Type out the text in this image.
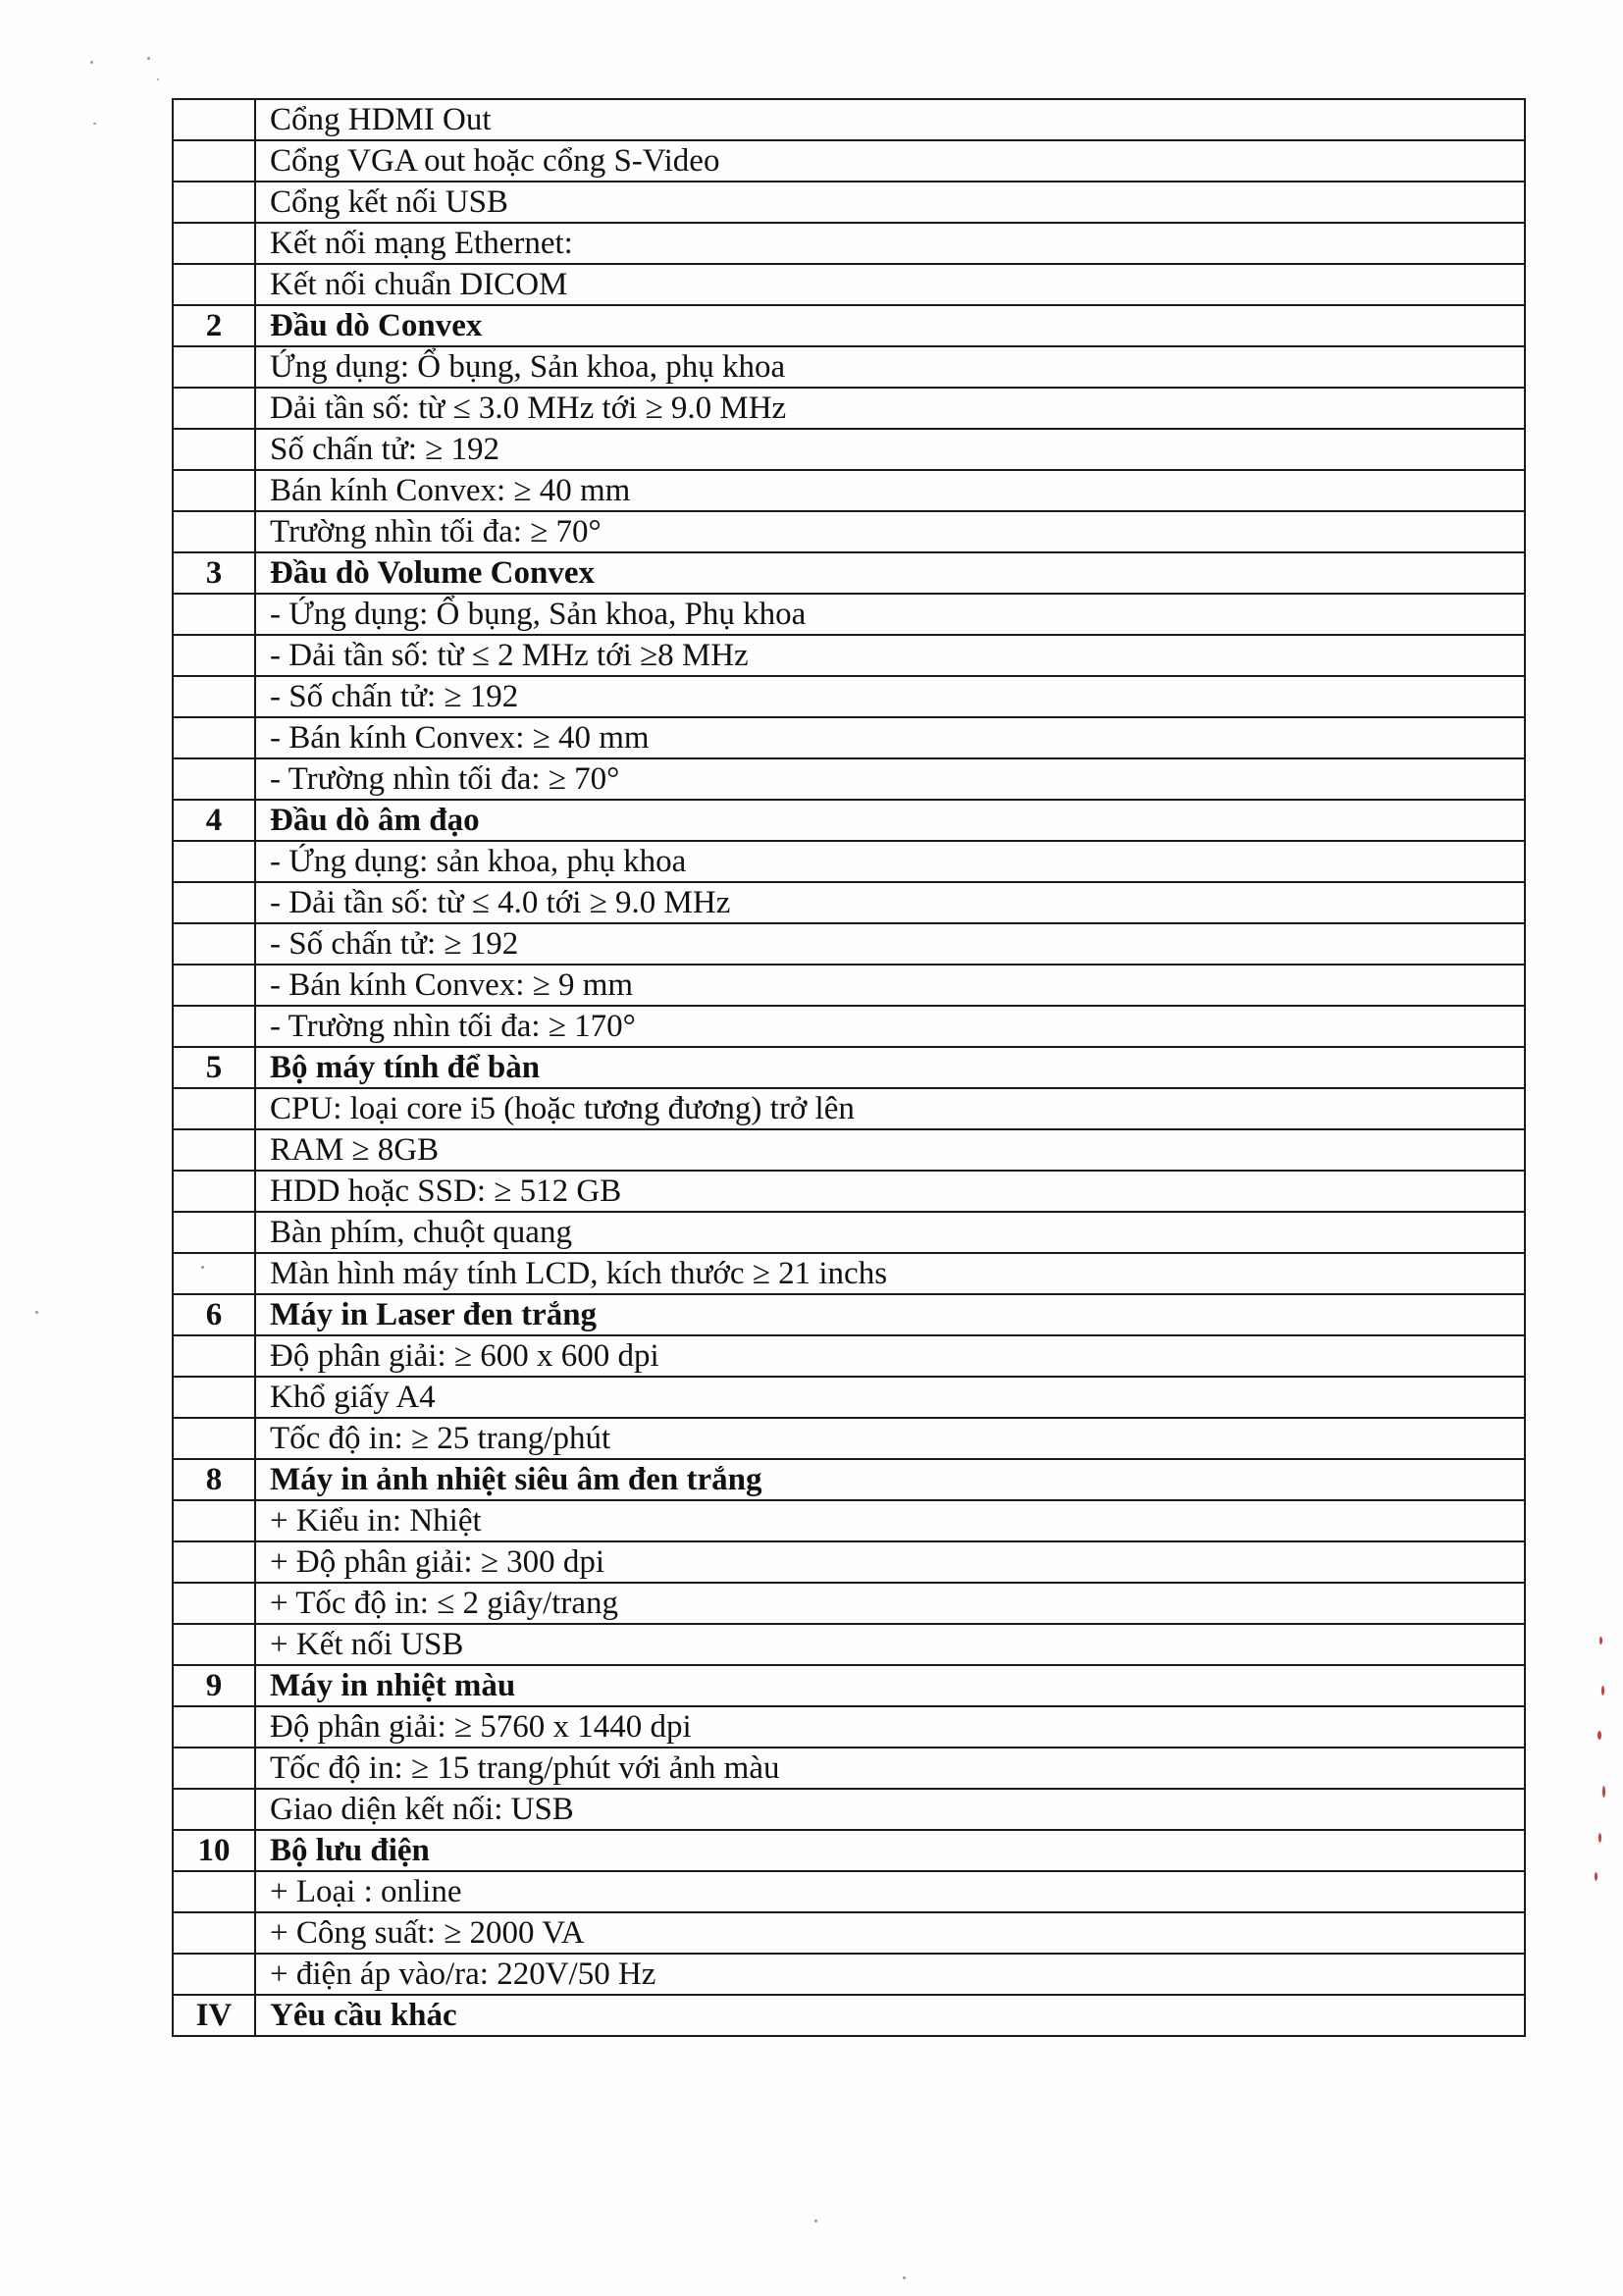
	Cổng HDMI Out
	Cổng VGA out hoặc cổng S-Video
	Cổng kết nối USB
	Kết nối mạng Ethernet:
	Kết nối chuẩn DICOM
2	Đầu dò Convex
	Ứng dụng: Ổ bụng, Sản khoa, phụ khoa
	Dải tần số: từ ≤ 3.0 MHz tới ≥ 9.0 MHz
	Số chấn tử: ≥ 192
	Bán kính Convex: ≥ 40 mm
	Trường nhìn tối đa: ≥ 70°
3	Đầu dò Volume Convex
	- Ứng dụng: Ổ bụng, Sản khoa, Phụ khoa
	- Dải tần số: từ ≤ 2 MHz tới ≥8 MHz
	- Số chấn tử: ≥ 192
	- Bán kính Convex: ≥ 40 mm
	- Trường nhìn tối đa: ≥ 70°
4	Đầu dò âm đạo
	- Ứng dụng: sản khoa, phụ khoa
	- Dải tần số: từ ≤ 4.0 tới ≥ 9.0 MHz
	- Số chấn tử: ≥ 192
	- Bán kính Convex: ≥ 9 mm
	- Trường nhìn tối đa: ≥ 170°
5	Bộ máy tính để bàn
	CPU: loại core i5 (hoặc tương đương) trở lên
	RAM ≥ 8GB
	HDD hoặc SSD: ≥ 512 GB
	Bàn phím, chuột quang
	Màn hình máy tính LCD, kích thước ≥ 21 inchs
6	Máy in Laser đen trắng
	Độ phân giải: ≥ 600 x 600 dpi
	Khổ giấy A4
	Tốc độ in: ≥ 25 trang/phút
8	Máy in ảnh nhiệt siêu âm đen trắng
	+ Kiểu in: Nhiệt
	+ Độ phân giải: ≥ 300 dpi
	+ Tốc độ in: ≤ 2 giây/trang
	+ Kết nối USB
9	Máy in nhiệt màu
	Độ phân giải: ≥ 5760 x 1440 dpi
	Tốc độ in: ≥ 15 trang/phút với ảnh màu
	Giao diện kết nối: USB
10	Bộ lưu điện
	+ Loại : online
	+ Công suất: ≥ 2000 VA
	+ điện áp vào/ra: 220V/50 Hz
IV	Yêu cầu khác
